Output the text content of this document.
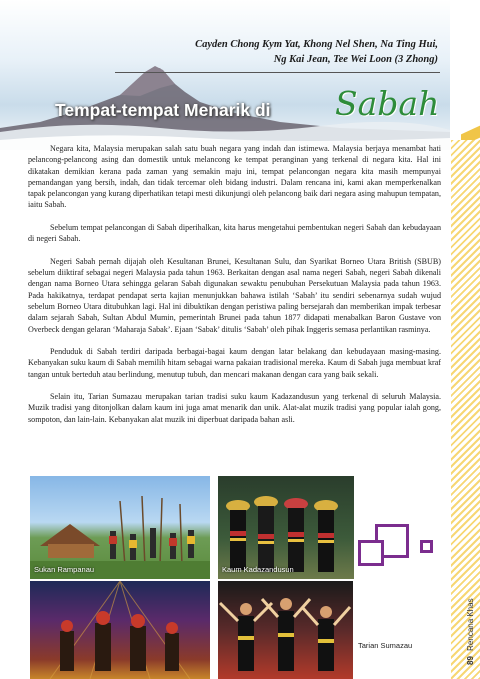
Cayden Chong Kym Yat, Khong Nel Shen, Na Ting Hui,
Ng Kai Jean, Tee Wei Loon (3 Zhong)
Tempat-tempat Menarik di Sabah

Negara kita, Malaysia merupakan salah satu buah negara yang indah dan istimewa. Malaysia berjaya menambat hati pelancong-pelancong asing dan domestik untuk melancong ke tempat peranginan yang terkenal di negara kita. Hal ini dikatakan demikian kerana pada zaman yang semakin maju ini, tempat pelancongan negara kita masih mempunyai pemandangan yang bersih, indah, dan tidak tercemar oleh bidang industri. Dalam rencana ini, kami akan memperkenalkan tapak pelancongan yang kurang diperhatikan tetapi mesti dikunjungi oleh pelancong baik dari negara asing mahupun tempatan, iaitu Sabah.

Sebelum tempat pelancongan di Sabah diperihalkan, kita harus mengetahui pembentukan negeri Sabah dan kebudayaan di negeri Sabah.

Negeri Sabah pernah dijajah oleh Kesultanan Brunei, Kesultanan Sulu, dan Syarikat Borneo Utara British (SBUB) sebelum diiktiraf sebagai negeri Malaysia pada tahun 1963. Berkaitan dengan asal nama negeri Sabah, negeri Sabah dikenali dengan nama Borneo Utara sehingga gelaran Sabah digunakan sewaktu penubuhan Persekutuan Malaysia pada tahun 1963. Pada hakikatnya, terdapat pendapat serta kajian menunjukkan bahawa istilah ‘Sabah’ itu sendiri sebenarnya sudah wujud sebelum Borneo Utara ditubuhkan lagi. Hal ini dibuktikan dengan peristiwa paling bersejarah dan memberikan impak terbesar dalam sejarah Sabah, Sultan Abdul Mumin, pemerintah Brunei pada tahun 1877 didapati menabalkan Baron Gustave von Overbeck dengan gelaran ‘Maharaja Sabak’. Ejaan ‘Sabak’ ditulis ‘Sabah’ oleh pihak Inggeris semasa perlantikan rasminya.

Penduduk di Sabah terdiri daripada berbagai-bagai kaum dengan latar belakang dan kebudayaan masing-masing. Kebanyakan suku kaum di Sabah memilih hitam sebagai warna pakaian tradisional mereka. Kaum di Sabah juga membuat kraf tangan untuk berteduh atau berlindung, menutup tubuh, dan mencari makanan dengan cara yang baik sekali.

Selain itu, Tarian Sumazau merupakan tarian tradisi suku kaum Kadazandusun yang terkenal di seluruh Malaysia. Muzik tradisi yang ditonjolkan dalam kaum ini juga amat menarik dan unik. Alat-alat muzik tradisi yang popular ialah gong, sompoton, dan lain-lain. Kebanyakan alat muzik ini diperbuat daripada bahan asli.

89 Rencana Khas
Sukan Rampanau	Kaum Kadazandusun
Tarian Sumazau
